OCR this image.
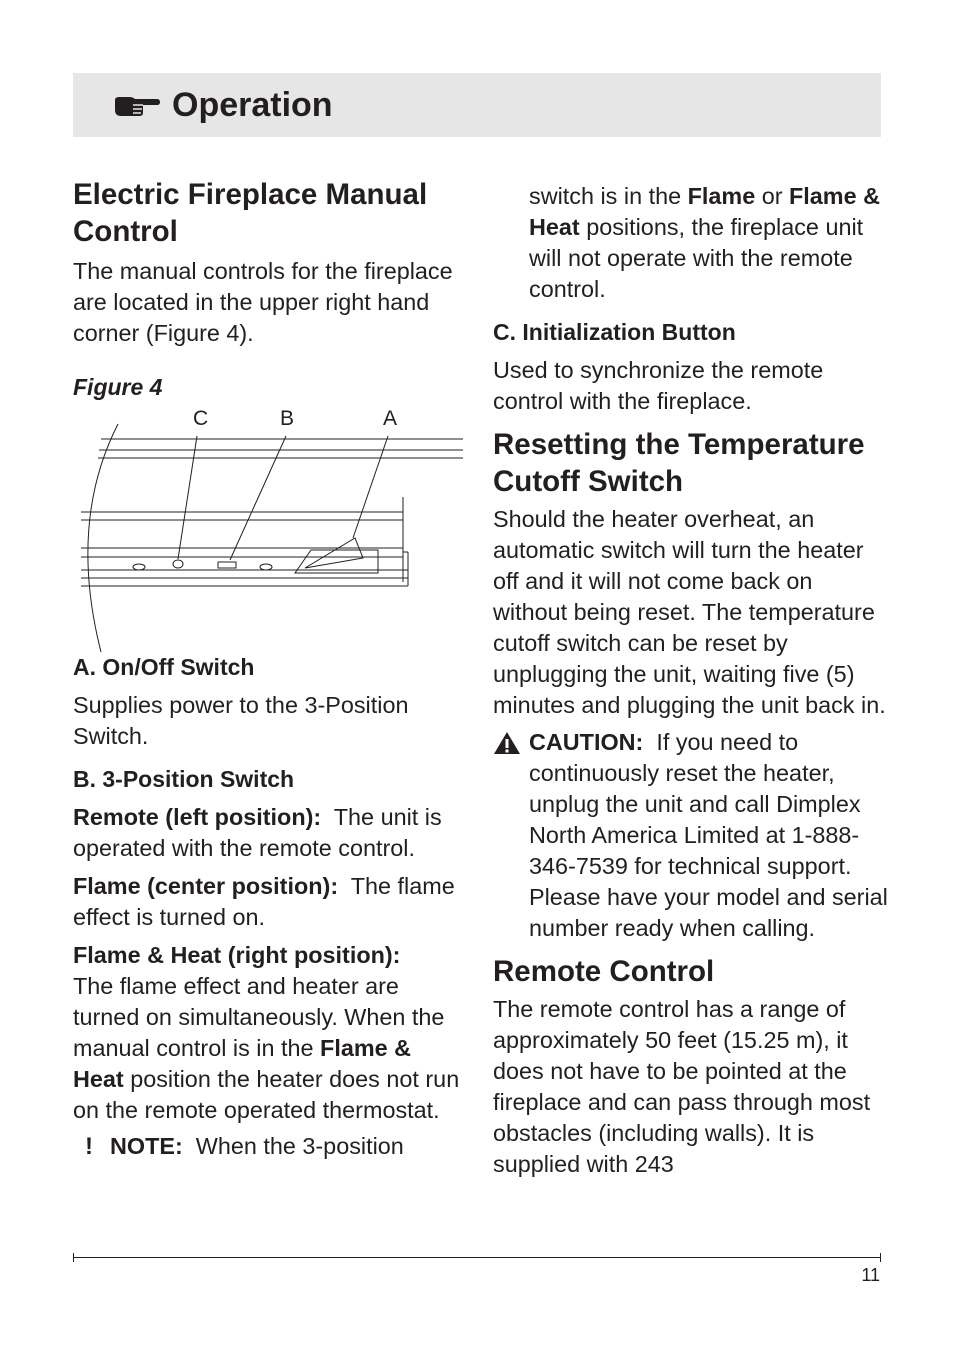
Operation
Electric Fireplace Manual Control

The manual controls for the fireplace are located in the upper right hand corner (Figure 4).

Figure 4
C	B	A

A. On/Off Switch

Supplies power to the 3-Position Switch.

B. 3-Position Switch

Remote (left position): The unit is operated with the remote control.

Flame (center position): The flame effect is turned on.

Flame & Heat (right position):
The flame effect and heater are turned on simultaneously. When the manual control is in the Flame & Heat position the heater does not run on the remote operated thermostat.

! NOTE: When the 3-position

switch is in the Flame or Flame & Heat positions, the fireplace unit will not operate with the remote control.

C. Initialization Button

Used to synchronize the remote control with the fireplace.

Resetting the Temperature Cutoff Switch

Should the heater overheat, an automatic switch will turn the heater off and it will not come back on without being reset. The temperature cutoff switch can be reset by unplugging the unit, waiting five (5) minutes and plugging the unit back in.

CAUTION: If you need to continuously reset the heater, unplug the unit and call Dimplex North America Limited at 1-888-346-7539 for technical support. Please have your model and serial number ready when calling.

Remote Control

The remote control has a range of approximately 50 feet (15.25 m), it does not have to be pointed at the fireplace and can pass through most obstacles (including walls). It is supplied with 243

11
